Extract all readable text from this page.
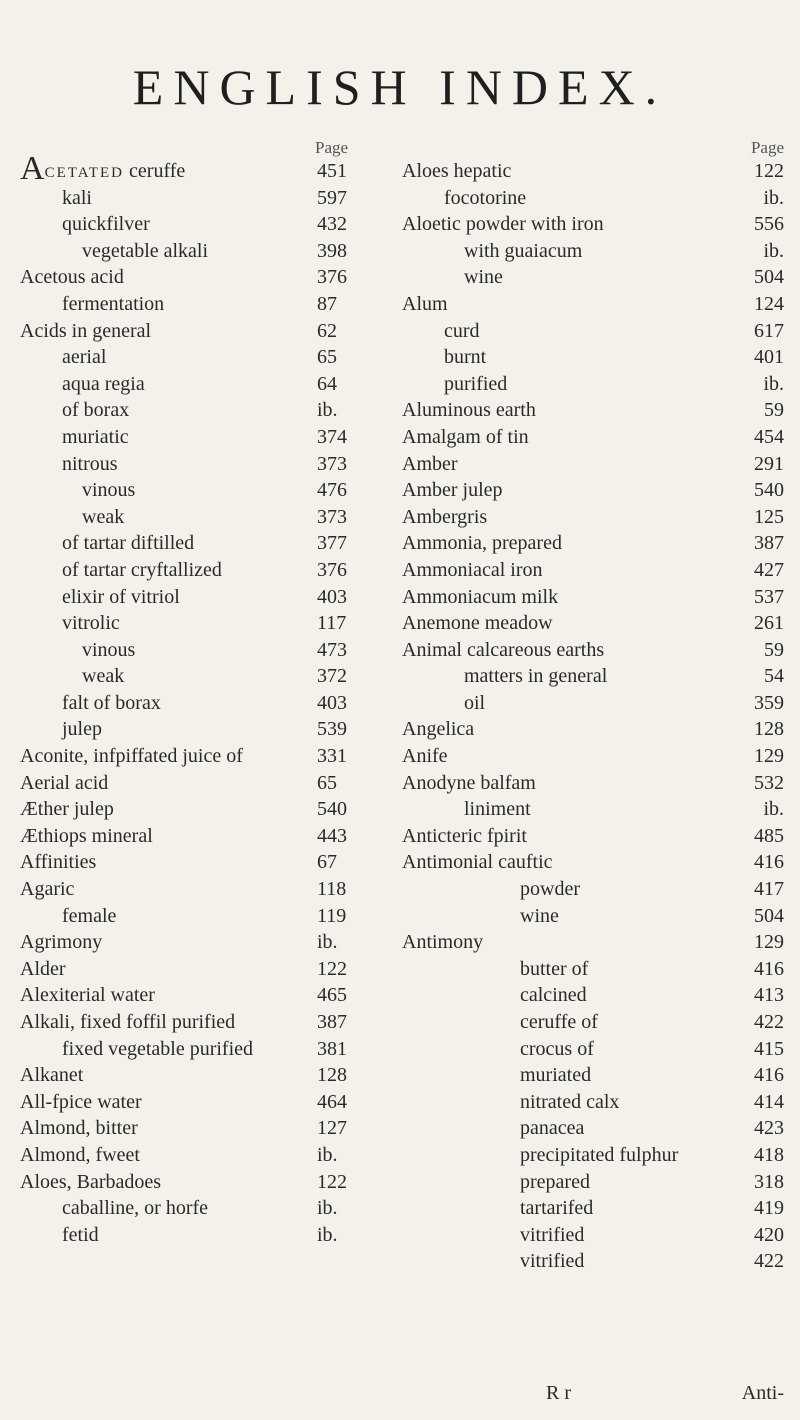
ENGLISH INDEX.
Page
ACETATED ceruffe	451
kali	597
quickfilver	432
vegetable alkali	398
Acetous acid	376
fermentation	87
Acids in general	62
aerial	65
aqua regia	64
of borax	ib.
muriatic	374
nitrous	373
vinous	476
weak	373
of tartar diftilled	377
of tartar cryftallized	376
elixir of vitriol	403
vitrolic	117
vinous	473
weak	372
falt of borax	403
julep	539
Aconite, infpiffated juice of	331
Aerial acid	65
Æther julep	540
Æthiops mineral	443
Affinities	67
Agaric	118
female	119
Agrimony	ib.
Alder	122
Alexiterial water	465
Alkali, fixed foffil purified	387
fixed vegetable purified	381
Alkanet	128
All-fpice water	464
Almond, bitter	127
Almond, fweet	ib.
Aloes, Barbadoes	122
caballine, or horfe	ib.
fetid	ib.
Page
Aloes hepatic	122
focotorine	ib.
Aloetic powder with iron	556
with guaiacum	ib.
wine	504
Alum	124
curd	617
burnt	401
purified	ib.
Aluminous earth	59
Amalgam of tin	454
Amber	291
Amber julep	540
Ambergris	125
Ammonia, prepared	387
Ammoniacal iron	427
Ammoniacum milk	537
Anemone meadow	261
Animal calcareous earths	59
matters in general	54
oil	359
Angelica	128
Anife	129
Anodyne balfam	532
liniment	ib.
Anticteric fpirit	485
Antimonial cauftic	416
powder	417
wine	504
Antimony	129
butter of	416
calcined	413
ceruffe of	422
crocus of	415
muriated	416
nitrated calx	414
panacea	423
precipitated fulphur	418
prepared	318
tartarifed	419
vitrified	420
vitrified	422
R r	Anti-
